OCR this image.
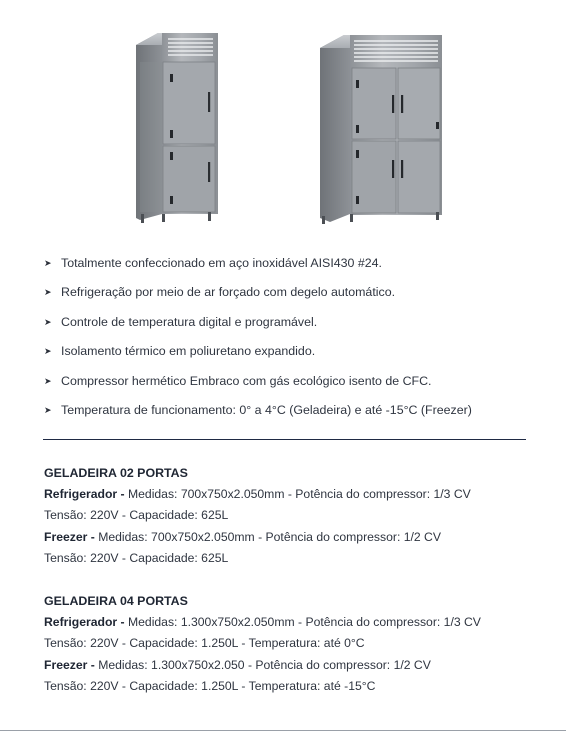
➤ Totalmente confeccionado em aço inoxidável AISI430 #24.
➤ Refrigeração por meio de ar forçado com degelo automático.
➤ Controle de temperatura digital e programável.
➤ Isolamento térmico em poliuretano expandido.
➤ Compressor hermético Embraco com gás ecológico isento de CFC.
➤ Temperatura de funcionamento: 0° a 4°C (Geladeira) e até -15°C (Freezer)
GELADEIRA 02 PORTAS
Refrigerador - Medidas: 700x750x2.050mm - Potência do compressor: 1/3 CV
Tensão: 220V - Capacidade: 625L
Freezer - Medidas: 700x750x2.050mm - Potência do compressor: 1/2 CV
Tensão: 220V - Capacidade: 625L
GELADEIRA 04 PORTAS
Refrigerador - Medidas: 1.300x750x2.050mm - Potência do compressor: 1/3 CV
Tensão: 220V - Capacidade: 1.250L - Temperatura: até 0°C
Freezer - Medidas: 1.300x750x2.050 - Potência do compressor: 1/2 CV
Tensão: 220V - Capacidade: 1.250L - Temperatura: até -15°C
